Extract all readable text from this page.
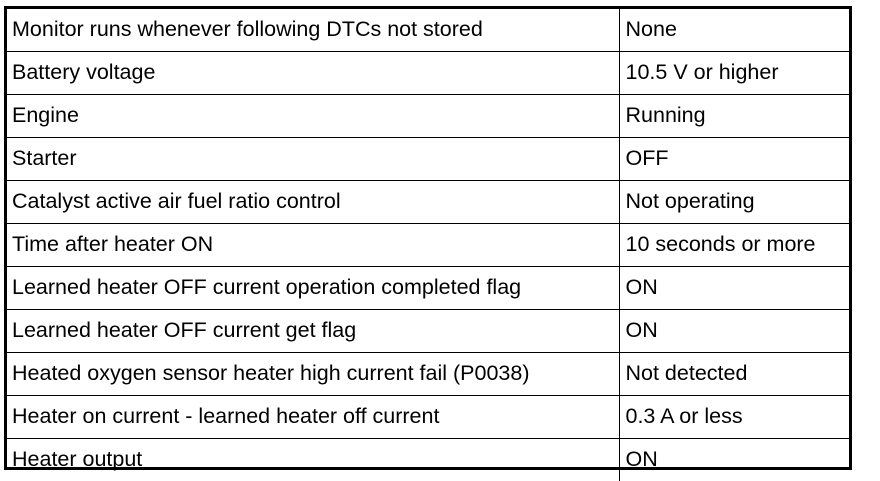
Monitor runs whenever following DTCs not stored	None
Battery voltage	10.5 V or higher
Engine	Running
Starter	OFF
Catalyst active air fuel ratio control	Not operating
Time after heater ON	10 seconds or more
Learned heater OFF current operation completed flag	ON
Learned heater OFF current get flag	ON
Heated oxygen sensor heater high current fail (P0038)	Not detected
Heater on current - learned heater off current	0.3 A or less
Heater output	ON
